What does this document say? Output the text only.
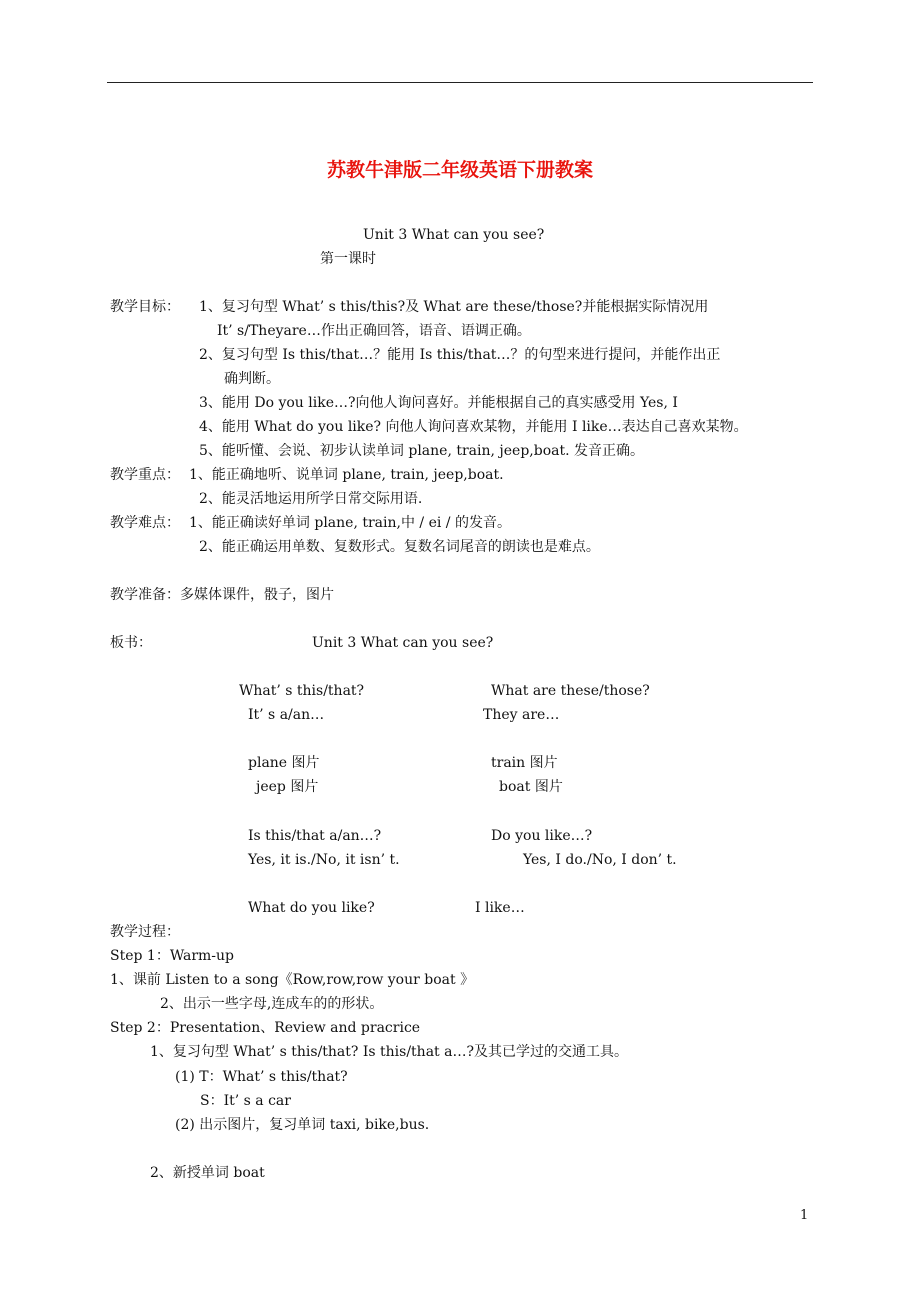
苏教牛津版二年级英语下册教案
Unit 3 What can you see?
第一课时
教学目标： 1、复习句型 What’ s this/this?及 What are these/those?并能根据实际情况用
It’ s/Theyare…作出正确回答，语音、语调正确。
2、复习句型 Is this/that…？能用 Is this/that…？的句型来进行提问，并能作出正
确判断。
3、能用 Do you like…?向他人询问喜好。并能根据自己的真实感受用 Yes, I
4、能用 What do you like? 向他人询问喜欢某物，并能用 I like…表达自己喜欢某物。
5、能听懂、会说、初步认读单词 plane, train, jeep,boat. 发音正确。
教学重点： 1、能正确地听、说单词 plane, train, jeep,boat.
2、能灵活地运用所学日常交际用语.
教学难点： 1、能正确读好单词 plane, train,中 / ei / 的发音。
2、能正确运用单数、复数形式。复数名词尾音的朗读也是难点。
教学准备：多媒体课件，骰子，图片
板书：	Unit 3 What can you see?
What’ s this/that?	What are these/those?
It’ s a/an…	They are…
plane 图片	train 图片
jeep 图片	boat 图片
Is this/that a/an…?	Do you like…?
Yes, it is./No, it isn’ t.	Yes, I do./No, I don’ t.
What do you like?	I like…
教学过程：
Step 1：Warm-up
1、课前 Listen to a song《Row,row,row your boat 》
2、出示一些字母,连成车的的形状。
Step 2：Presentation、Review and pracrice
1、复习句型 What’ s this/that? Is this/that a…?及其已学过的交通工具。
(1) T：What’ s this/that?
S：It’ s a car
(2) 出示图片，复习单词 taxi, bike,bus.
2、新授单词 boat
1
